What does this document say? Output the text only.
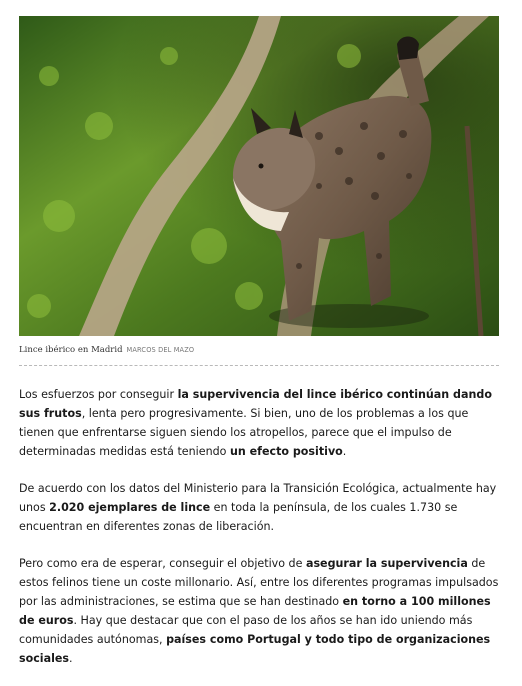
Lince ibérico en Madrid MARCOS DEL MAZO

Los esfuerzos por conseguir la supervivencia del lince ibérico continúan dando sus frutos, lenta pero progresivamente. Si bien, uno de los problemas a los que tienen que enfrentarse siguen siendo los atropellos, parece que el impulso de determinadas medidas está teniendo un efecto positivo.

De acuerdo con los datos del Ministerio para la Transición Ecológica, actualmente hay unos 2.020 ejemplares de lince en toda la península, de los cuales 1.730 se encuentran en diferentes zonas de liberación.

Pero como era de esperar, conseguir el objetivo de asegurar la supervivencia de estos felinos tiene un coste millonario. Así, entre los diferentes programas impulsados por las administraciones, se estima que se han destinado en torno a 100 millones de euros. Hay que destacar que con el paso de los años se han ido uniendo más comunidades autónomas, países como Portugal y todo tipo de organizaciones sociales.
